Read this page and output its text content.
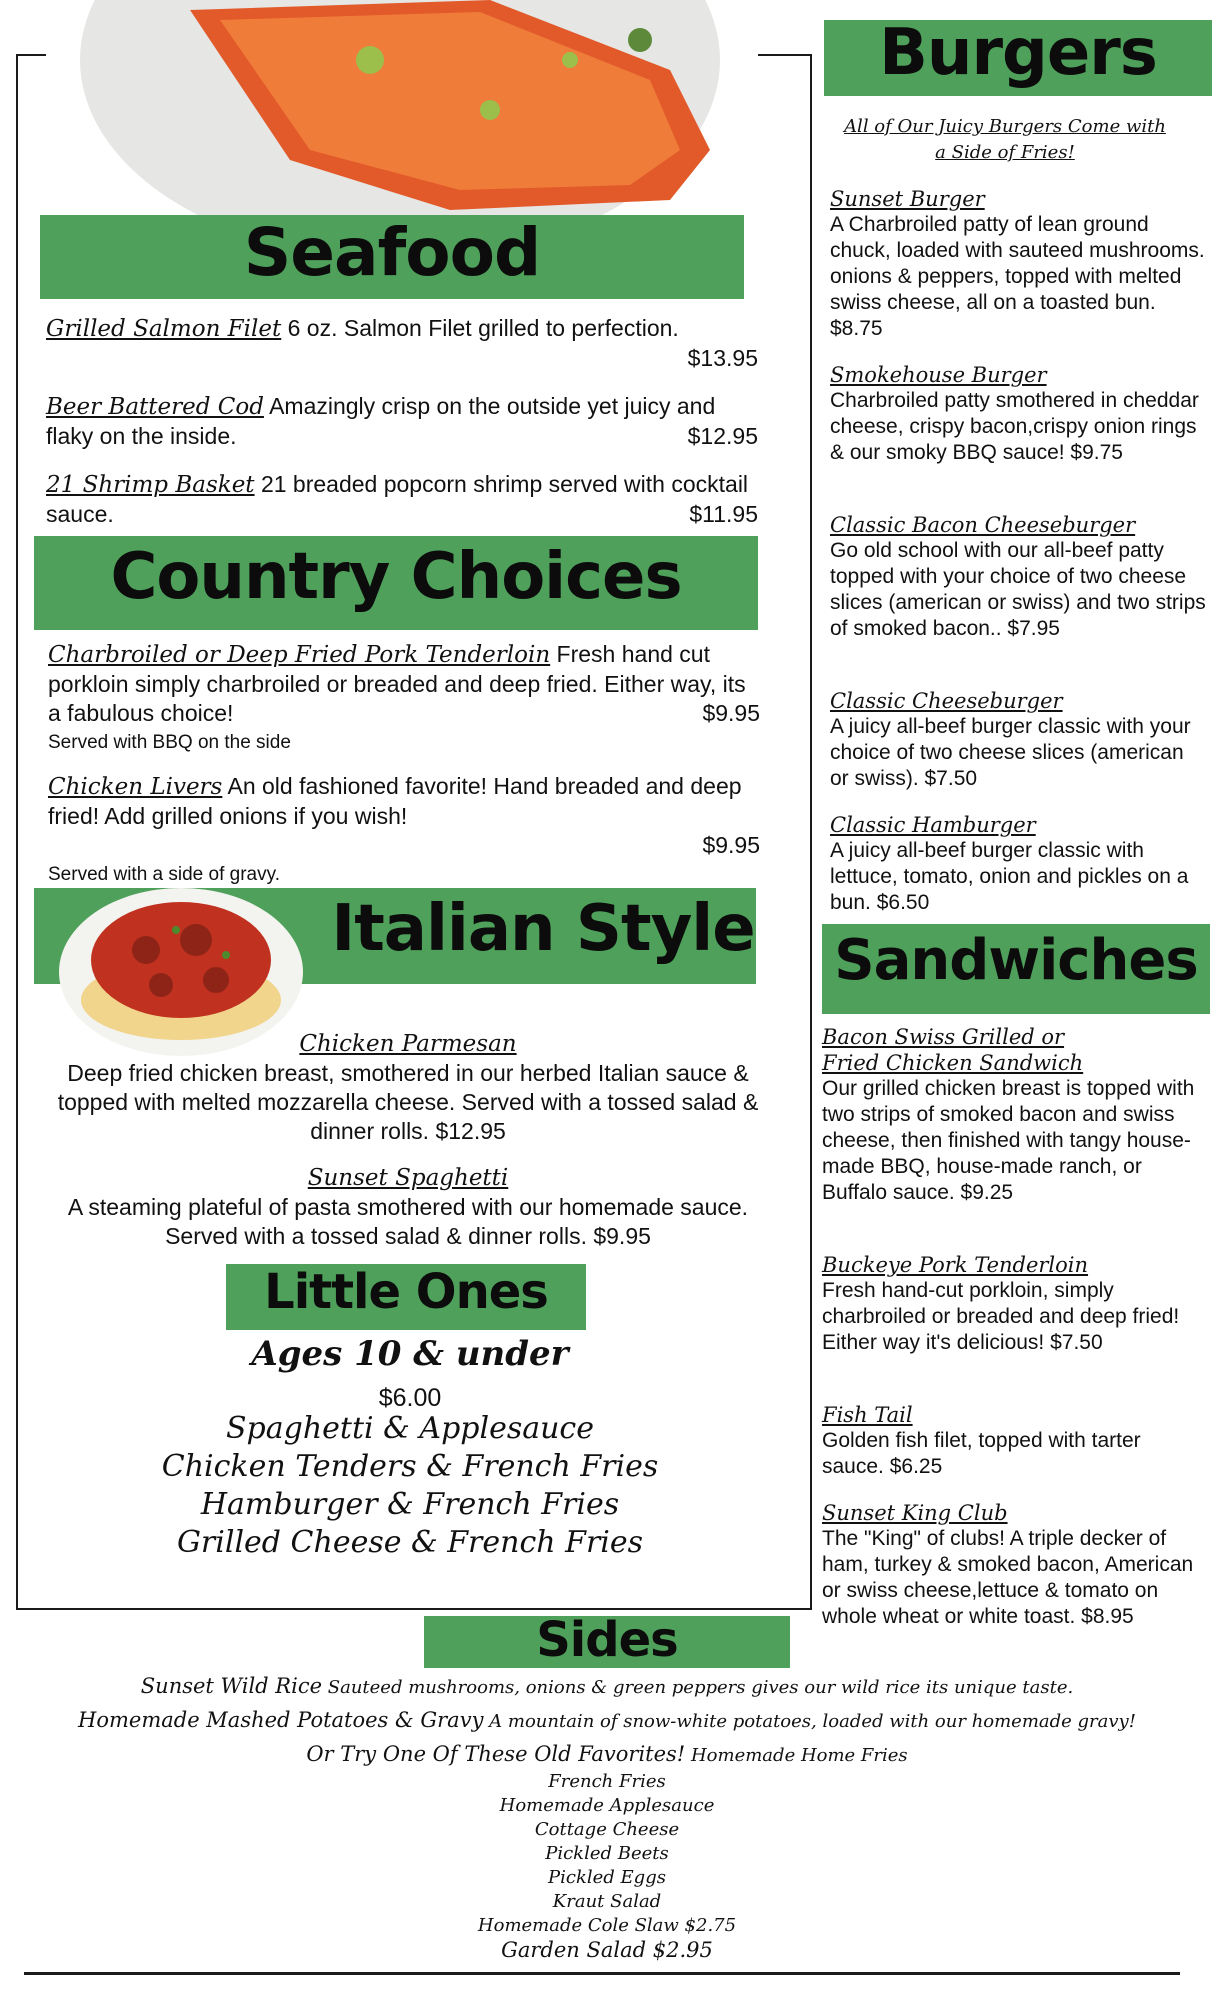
Seafood
Grilled Salmon Filet 6 oz. Salmon Filet grilled to perfection.
$13.95
Beer Battered Cod Amazingly crisp on the outside yet juicy and flaky on the inside.	$12.95
21 Shrimp Basket 21 breaded popcorn shrimp served with cocktail sauce.	$11.95
Country Choices
Charbroiled or Deep Fried Pork Tenderloin Fresh hand cut porkloin simply charbroiled or breaded and deep fried. Either way, its a fabulous choice!	$9.95
Served with BBQ on the side
Chicken Livers An old fashioned favorite! Hand breaded and deep fried! Add grilled onions if you wish!
$9.95
Served with a side of gravy.
Italian Style
Chicken Parmesan
Deep fried chicken breast, smothered in our herbed Italian sauce & topped with melted mozzarella cheese. Served with a tossed salad & dinner rolls. $12.95
Sunset Spaghetti
A steaming plateful of pasta smothered with our homemade sauce. Served with a tossed salad & dinner rolls. $9.95
Little Ones
Ages 10 & under
$6.00
Spaghetti & Applesauce
Chicken Tenders & French Fries
Hamburger & French Fries
Grilled Cheese & French Fries
Burgers
All of Our Juicy Burgers Come with a Side of Fries!
Sunset Burger
A Charbroiled patty of lean ground chuck, loaded with sauteed mushrooms. onions & peppers, topped with melted swiss cheese, all on a toasted bun. $8.75
Smokehouse Burger
Charbroiled patty smothered in cheddar cheese, crispy bacon,crispy onion rings & our smoky BBQ sauce! $9.75
Classic Bacon Cheeseburger
Go old school with our all-beef patty topped with your choice of two cheese slices (american or swiss) and two strips of smoked bacon.. $7.95
Classic Cheeseburger
A juicy all-beef burger classic with your choice of two cheese slices (american or swiss). $7.50
Classic Hamburger
A juicy all-beef burger classic with lettuce, tomato, onion and pickles on a bun. $6.50
Sandwiches
Bacon Swiss Grilled or Fried Chicken Sandwich
Our grilled chicken breast is topped with two strips of smoked bacon and swiss cheese, then finished with tangy house-made BBQ, house-made ranch, or Buffalo sauce. $9.25
Buckeye Pork Tenderloin
Fresh hand-cut porkloin, simply charbroiled or breaded and deep fried! Either way it's delicious! $7.50
Fish Tail
Golden fish filet, topped with tarter sauce. $6.25
Sunset King Club
The "King" of clubs! A triple decker of ham, turkey & smoked bacon, American or swiss cheese,lettuce & tomato on whole wheat or white toast. $8.95
Sides
Sunset Wild Rice Sauteed mushrooms, onions & green peppers gives our wild rice its unique taste.
Homemade Mashed Potatoes & Gravy A mountain of snow-white potatoes, loaded with our homemade gravy!
Or Try One Of These Old Favorites! Homemade Home Fries
French Fries
Homemade Applesauce
Cottage Cheese
Pickled Beets
Pickled Eggs
Kraut Salad
Homemade Cole Slaw $2.75
Garden Salad $2.95
